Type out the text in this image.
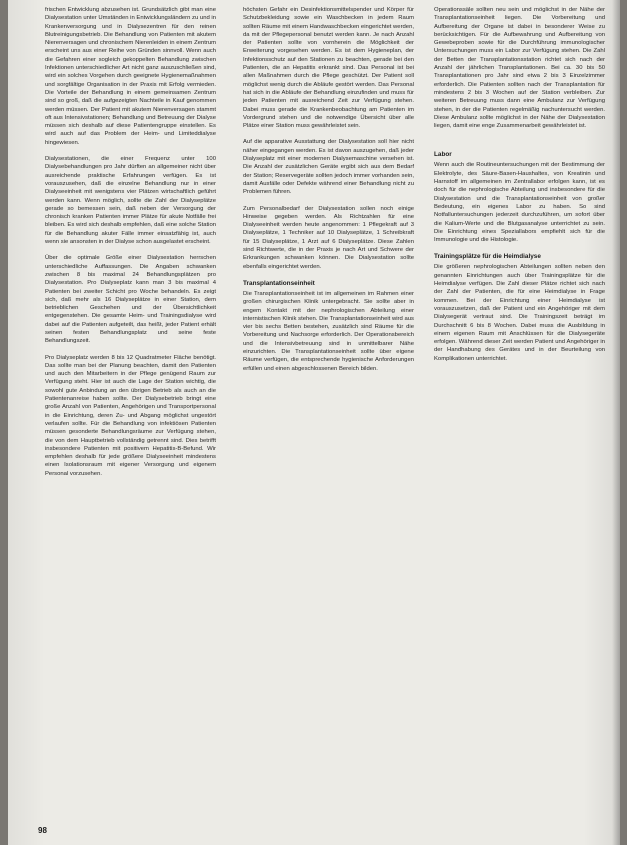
frischen Entwicklung abzusehen ist. Grundsätzlich gibt man eine Dialysestation unter Umständen in Entwicklungsländern zu und in Krankenversorgung und in Dialysezentren für den reinen Blutreinigungsbetrieb. Die Behandlung von Patienten mit akutem Nierenversagen und chronischem Nierenleiden in einem Zentrum erscheint uns aus einer Reihe von Gründen sinnvoll. Wenn auch die Gefahren einer sogleich gekoppelten Behandlung zwischen Infektionen unterschiedlicher Art nicht ganz auszuschließen sind, wird ein solches Vorgehen durch geeignete Hygienemaßnahmen und sorgfältige Organisation in der Praxis mit Erfolg vermieden. Die Vorteile der Behandlung in einem gemeinsamen Zentrum sind so groß, daß die aufgezeigten Nachteile in Kauf genommen werden müssen. Der Patient mit akutem Nierenversagen stammt oft aus Intensivstationen; Behandlung und Betreuung der Dialyse müssen sich deshalb auf diese Patientengruppe einstellen. Es wird auch auf das Problem der Heim- und Limiteddialyse hingewiesen.

Dialysestationen, die einer Frequenz unter 100 Dialysebehandlungen pro Jahr dürften an allgemeiner nicht über ausreichende praktische Erfahrungen verfügen. Es ist vorauszusehen, daß die einzelne Behandlung nur in einer Dialyseeinheit mit wenigstens vier Plätzen wirtschaftlich geführt werden kann. Wenn möglich, sollte die Zahl der Dialyseplätze gerade so bemessen sein, daß neben der Versorgung der chronisch kranken Patienten immer Plätze für akute Notfälle frei bleiben. Es wird sich deshalb empfehlen, daß eine solche Station für die Behandlung akuter Fälle immer einsatzfähig ist, auch wenn sie ansonsten in der Dialyse schon ausgelastet erscheint.

Über die optimale Größe einer Dialysestation herrschen unterschiedliche Auffassungen. Die Angaben schwanken zwischen 8 bis maximal 24 Behandlungsplätzen pro Dialysestation. Pro Dialyseplatz kann man 3 bis maximal 4 Patienten bei zweiter Schicht pro Woche behandeln. Es zeigt sich, daß mehr als 16 Dialyseplätze in einer Station, dem betrieblichen Geschehen und der Übersichtlichkeit entgegenstehen. Die gesamte Heim- und Trainingsdialyse wird dabei auf die Patienten aufgeteilt, das heißt, jeder Patient erhält seinen festen Behandlungsplatz und seine feste Behandlungszeit.

Pro Dialyseplatz werden 8 bis 12 Quadratmeter Fläche benötigt. Das sollte man bei der Planung beachten, damit den Patienten und auch den Mitarbeitern in der Pflege genügend Raum zur Verfügung steht. Hier ist auch die Lage der Station wichtig, die sowohl gute Anbindung an den übrigen Betrieb als auch an die Patientenanreise haben sollte. Der Dialysebetrieb bringt eine große Anzahl von Patienten, Angehörigen und Transportpersonal in die Einrichtung, deren Zu- und Abgang möglichst ungestört verlaufen sollte. Für die Behandlung von infektiösen Patienten müssen gesonderte Behandlungsräume zur Verfügung stehen, die von dem Hauptbetrieb vollständig getrennt sind. Dies betrifft insbesondere Patienten mit positivem Hepatitis-B-Befund. Wir empfehlen deshalb für jede größere Dialyseeinheit mindestens einen Isolationsraum mit eigener Versorgung und eigenem Personal vorzusehen.

höchsten Gefahr ein Desinfektionsmittelspender und Körper für Schutzbekleidung sowie ein Waschbecken in jedem Raum sollten Räume mit einem Handwaschbecken eingerichtet werden, da mit der Pflegepersonal benutzt werden kann. Je nach Anzahl der Patienten sollte von vornherein die Möglichkeit der Erweiterung vorgesehen werden. Es ist dem Hygieneplan, der Infektionsschutz auf den Stationen zu beachten, gerade bei den Patienten, die an Hepatitis erkrankt sind. Das Personal ist bei allen Maßnahmen durch die Pflege geschützt. Der Patient soll möglichst wenig durch die Abläufe gestört werden. Das Personal hat sich in die Abläufe der Behandlung einzufinden und muss für jeden Patienten mit ausreichend Zeit zur Verfügung stehen. Dabei muss gerade die Krankenbeobachtung am Patienten im Vordergrund stehen und die notwendige Übersicht über alle Plätze einer Station muss gewährleistet sein.

Auf die apparative Ausstattung der Dialysestation soll hier nicht näher eingegangen werden. Es ist davon auszugehen, daß jeder Dialyseplatz mit einer modernen Dialysemaschine versehen ist. Die Anzahl der zusätzlichen Geräte ergibt sich aus dem Bedarf der Station; Reservegeräte sollten jedoch immer vorhanden sein, damit Ausfälle oder Defekte während einer Behandlung nicht zu Problemen führen.

Zum Personalbedarf der Dialysestation sollen noch einige Hinweise gegeben werden. Als Richtzahlen für eine Dialyseeinheit werden heute angenommen: 1 Pflegekraft auf 3 Dialyseplätze, 1 Techniker auf 10 Dialyseplätze, 1 Schreibkraft für 15 Dialyseplätze, 1 Arzt auf 6 Dialyseplätze. Diese Zahlen sind Richtwerte, die in der Praxis je nach Art und Schwere der Erkrankungen schwanken können. Die Dialysestation sollte ebenfalls eingerichtet werden.

Transplantationseinheit

Die Transplantationseinheit ist im allgemeinen im Rahmen einer großen chirurgischen Klinik untergebracht. Sie sollte aber in engem Kontakt mit der nephrologischen Abteilung einer internistischen Klinik stehen. Die Transplantationseinheit wird aus vier bis sechs Betten bestehen, zusätzlich sind Räume für die Vorbereitung und Nachsorge erforderlich. Der Operationsbereich und die Intensivbetreuung sind in unmittelbarer Nähe einzurichten. Die Transplantationseinheit sollte über eigene Räume verfügen, die entsprechende hygienische Anforderungen erfüllen und einen abgeschlossenen Bereich bilden.

Operationssäle sollten neu sein und möglichst in der Nähe der Transplantationseinheit liegen. Die Vorbereitung und Aufbereitung der Organe ist dabei in besonderer Weise zu berücksichtigen. Für die Aufbewahrung und Aufbereitung von Gewebeproben sowie für die Durchführung immunologischer Untersuchungen muss ein Labor zur Verfügung stehen. Die Zahl der Betten der Transplantationsstation richtet sich nach der Anzahl der jährlichen Transplantationen. Bei ca. 30 bis 50 Transplantationen pro Jahr sind etwa 2 bis 3 Einzelzimmer erforderlich. Die Patienten sollten nach der Transplantation für mindestens 2 bis 3 Wochen auf der Station verbleiben. Zur weiteren Betreuung muss dann eine Ambulanz zur Verfügung stehen, in der die Patienten regelmäßig nachuntersucht werden. Diese Ambulanz sollte möglichst in der Nähe der Dialysestation liegen, damit eine enge Zusammenarbeit gewährleistet ist.

Labor

Wenn auch die Routineuntersuchungen mit der Bestimmung der Elektrolyte, des Säure-Basen-Haushaltes, von Kreatinin und Harnstoff im allgemeinen im Zentrallabor erfolgen kann, ist es doch für die nephrologische Abteilung und insbesondere für die Dialysestation und die Transplantationseinheit von großer Bedeutung, ein eigenes Labor zu haben. So sind Notfalluntersuchungen jederzeit durchzuführen, um sofort über die Kalium-Werte und die Blutgasanalyse unterrichtet zu sein. Die Einrichtung eines Speziallabors empfiehlt sich für die Immunologie und die Histologie.

Trainingsplätze für die Heimdialyse

Die größeren nephrologischen Abteilungen sollten neben den genannten Einrichtungen auch über Trainingsplätze für die Heimdialyse verfügen. Die Zahl dieser Plätze richtet sich nach der Zahl der Patienten, die für eine Heimdialyse in Frage kommen. Bei der Einrichtung einer Heimdialyse ist vorauszusetzen, daß der Patient und ein Angehöriger mit dem Dialysegerät vertraut sind. Die Trainingszeit beträgt im Durchschnitt 6 bis 8 Wochen. Dabei muss die Ausbildung in einem eigenen Raum mit Anschlüssen für die Dialysegeräte erfolgen. Während dieser Zeit werden Patient und Angehöriger in der Handhabung des Gerätes und in der Beurteilung von Komplikationen unterrichtet.

98
